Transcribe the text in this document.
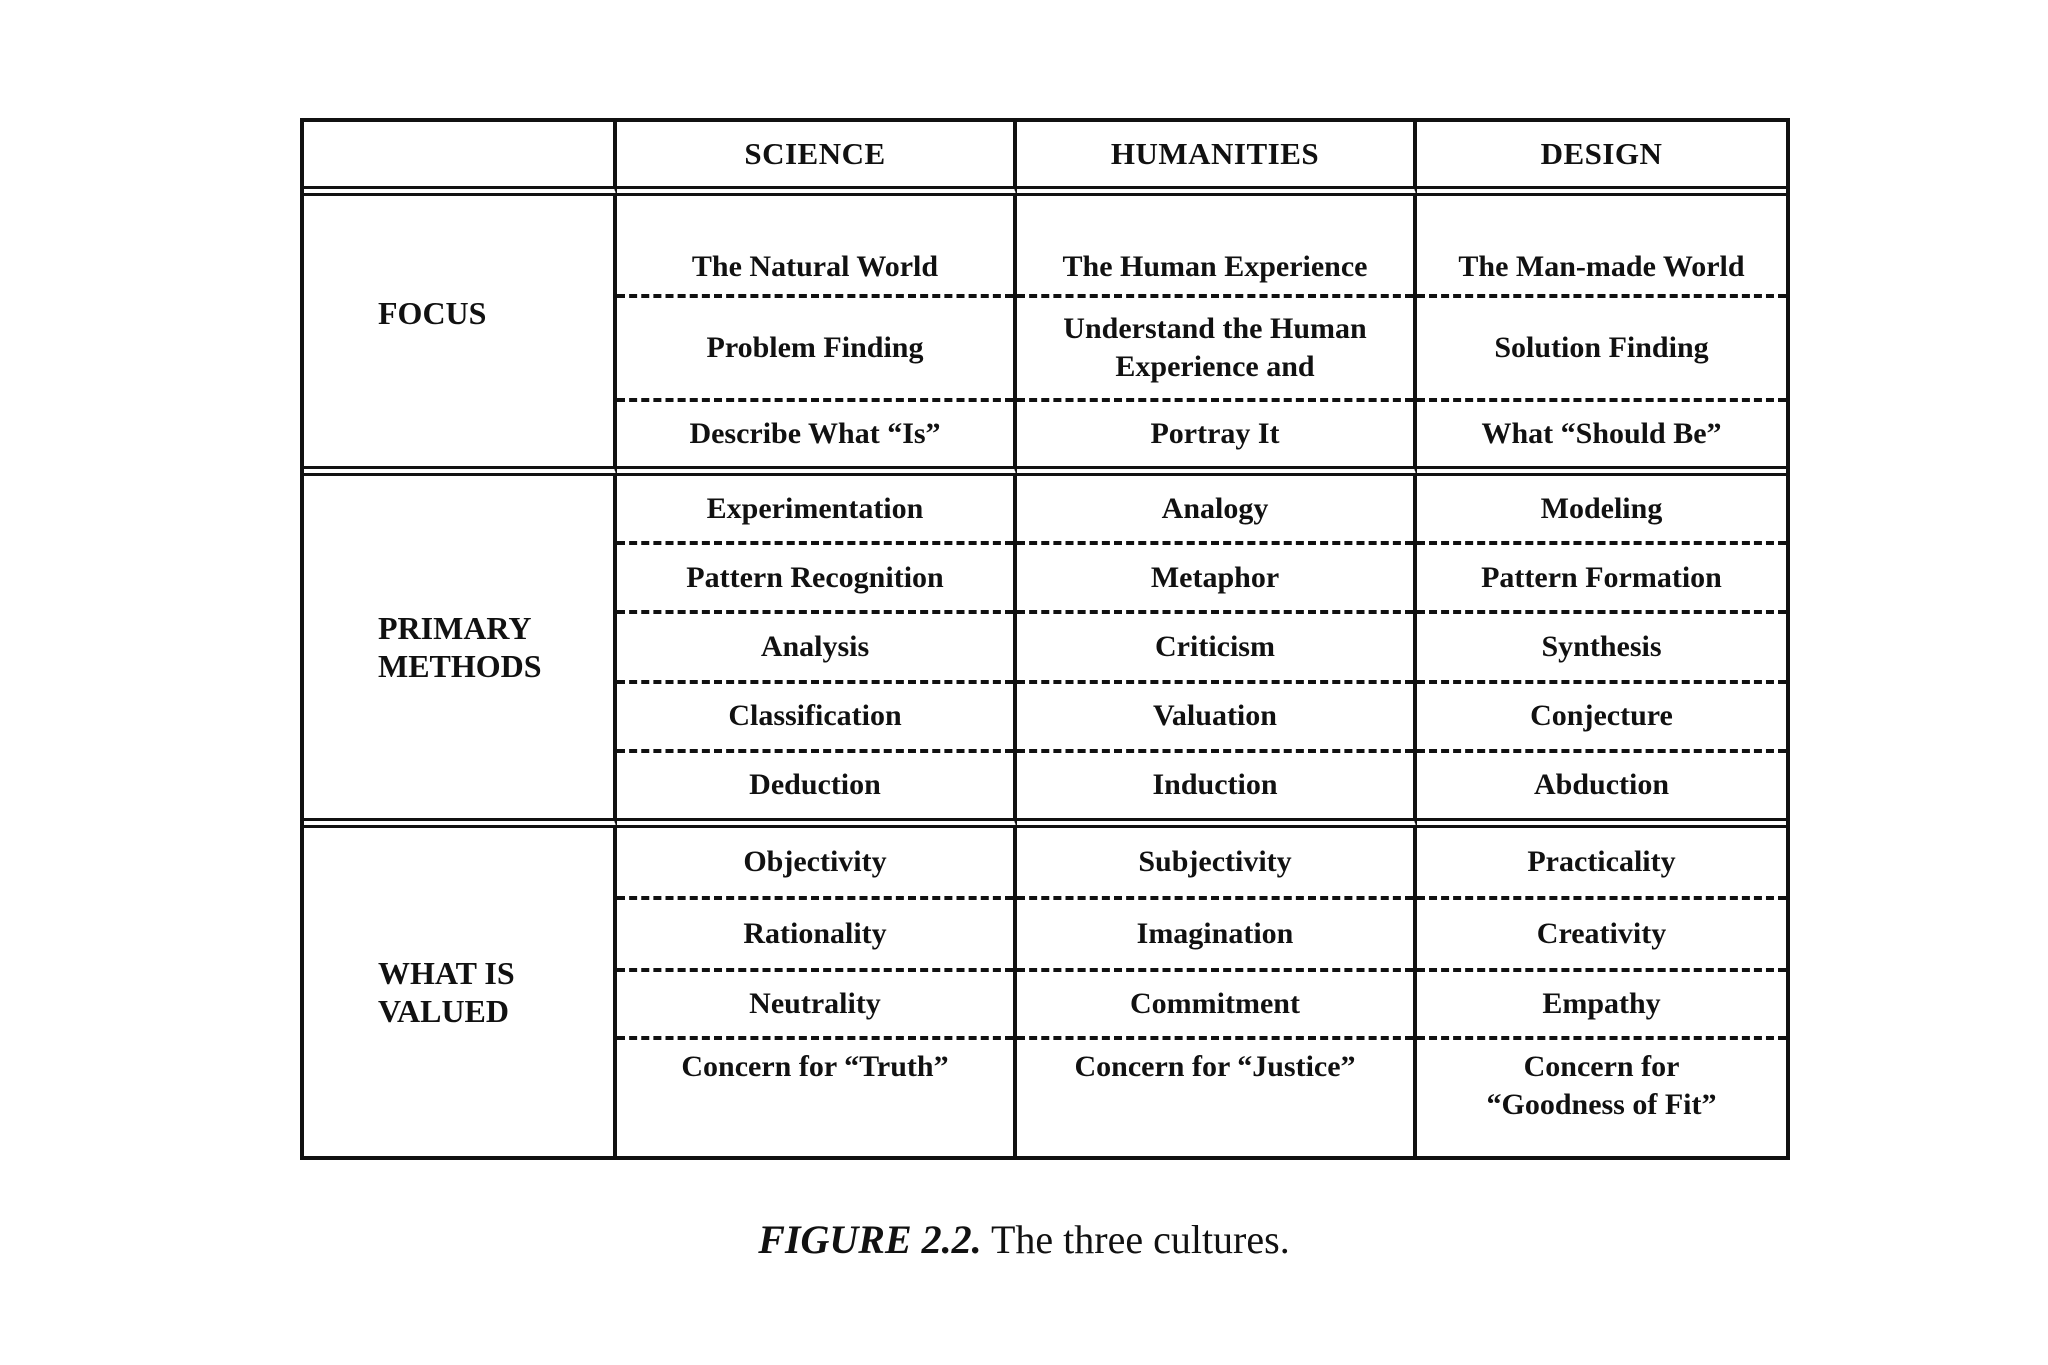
SCIENCE	HUMANITIES	DESIGN
FOCUS
The Natural World
Problem Finding
Describe What “Is”
The Human Experience
Understand the Human
Experience and
Portray It
The Man-made World
Solution Finding
What “Should Be”
PRIMARY
METHODS
Experimentation
Pattern Recognition
Analysis
Classification
Deduction
Analogy
Metaphor
Criticism
Valuation
Induction
Modeling
Pattern Formation
Synthesis
Conjecture
Abduction
WHAT IS
VALUED
Objectivity
Rationality
Neutrality
Concern for “Truth”
Subjectivity
Imagination
Commitment
Concern for “Justice”
Practicality
Creativity
Empathy
Concern for
“Goodness of Fit”
FIGURE 2.2. The three cultures.
